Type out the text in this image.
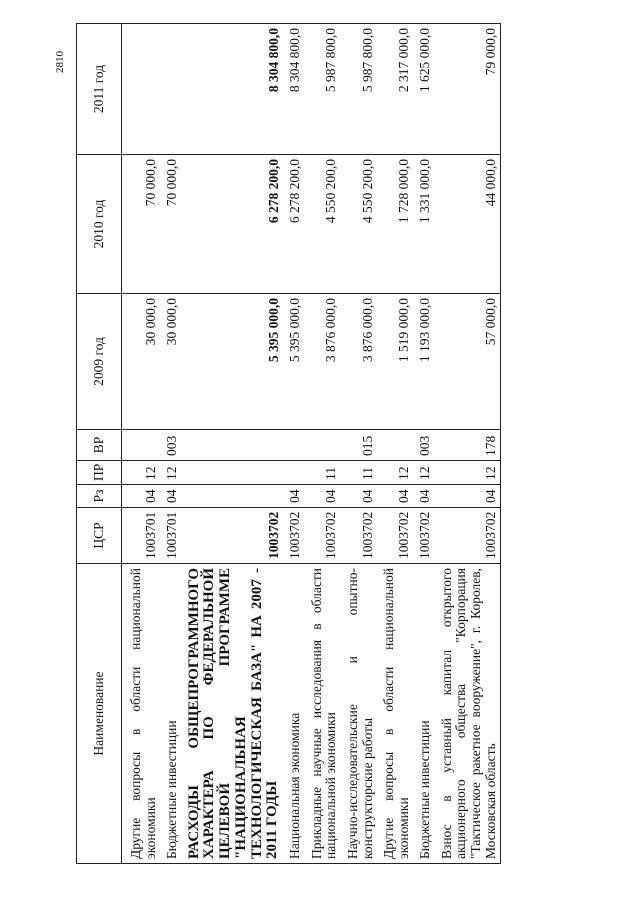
2810
Наименование	ЦСР	Рз	ПР	ВР	2009 год	2010 год	2011 год
Другие вопросы в области национальной экономики	1003701	04	12		30 000,0	70 000,0	
Бюджетные инвестиции	1003701	04	12	003	30 000,0	70 000,0	
РАСХОДЫ ОБЩЕПРОГРАММНОГО ХАРАКТЕРА ПО ФЕДЕРАЛЬНОЙ ЦЕЛЕВОЙ ПРОГРАММЕ "НАЦИОНАЛЬНАЯ ТЕХНОЛОГИЧЕСКАЯ БАЗА" НА 2007 - 2011 ГОДЫ	1003702				5 395 000,0	6 278 200,0	8 304 800,0
Национальная экономика	1003702	04			5 395 000,0	6 278 200,0	8 304 800,0
Прикладные научные исследования в области национальной экономики	1003702	04	11		3 876 000,0	4 550 200,0	5 987 800,0
Научно-исследовательские и опытно-конструкторские работы	1003702	04	11	015	3 876 000,0	4 550 200,0	5 987 800,0
Другие вопросы в области национальной экономики	1003702	04	12		1 519 000,0	1 728 000,0	2 317 000,0
Бюджетные инвестиции	1003702	04	12	003	1 193 000,0	1 331 000,0	1 625 000,0
Взнос в уставный капитал открытого акционерного общества "Корпорация "Тактическое ракетное вооружение", г. Королев, Московская область	1003702	04	12	178	57 000,0	44 000,0	79 000,0
